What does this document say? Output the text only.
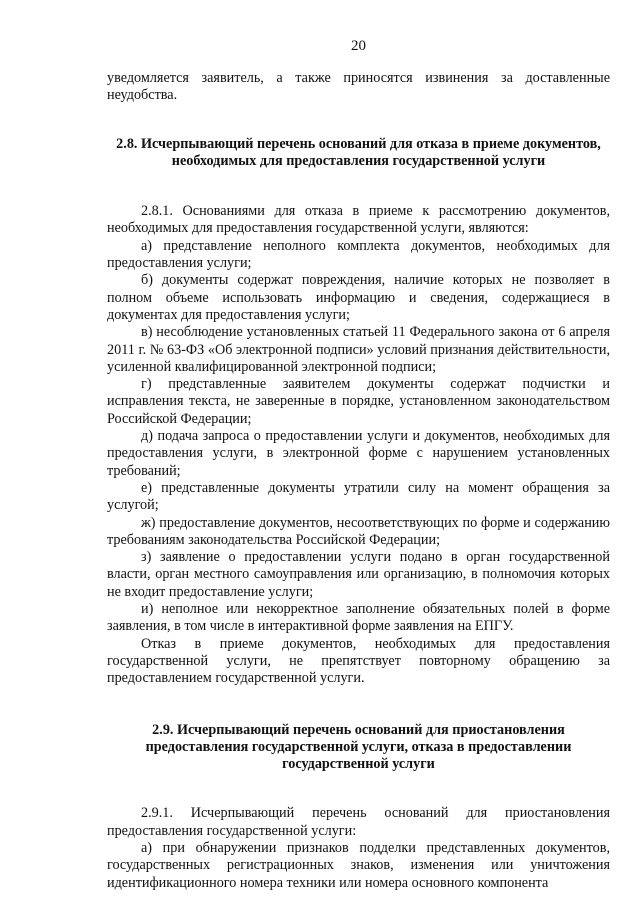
20

уведомляется заявитель, а также приносятся извинения за доставленные неудобства.

2.8. Исчерпывающий перечень оснований для отказа в приеме документов, необходимых для предоставления государственной услуги

2.8.1. Основаниями для отказа в приеме к рассмотрению документов, необходимых для предоставления государственной услуги, являются:

а) представление неполного комплекта документов, необходимых для предоставления услуги;

б) документы содержат повреждения, наличие которых не позволяет в полном объеме использовать информацию и сведения, содержащиеся в документах для предоставления услуги;

в) несоблюдение установленных статьей 11 Федерального закона от 6 апреля 2011 г. № 63-ФЗ «Об электронной подписи» условий признания действительности, усиленной квалифицированной электронной подписи;

г) представленные заявителем документы содержат подчистки и исправления текста, не заверенные в порядке, установленном законодательством Российской Федерации;

д) подача запроса о предоставлении услуги и документов, необходимых для предоставления услуги, в электронной форме с нарушением установленных требований;

е) представленные документы утратили силу на момент обращения за услугой;

ж) предоставление документов, несоответствующих по форме и содержанию требованиям законодательства Российской Федерации;

з) заявление о предоставлении услуги подано в орган государственной власти, орган местного самоуправления или организацию, в полномочия которых не входит предоставление услуги;

и) неполное или некорректное заполнение обязательных полей в форме заявления, в том числе в интерактивной форме заявления на ЕПГУ.

Отказ в приеме документов, необходимых для предоставления государственной услуги, не препятствует повторному обращению за предоставлением государственной услуги.

2.9. Исчерпывающий перечень оснований для приостановления предоставления государственной услуги, отказа в предоставлении государственной услуги

2.9.1. Исчерпывающий перечень оснований для приостановления предоставления государственной услуги:

а) при обнаружении признаков подделки представленных документов, государственных регистрационных знаков, изменения или уничтожения идентификационного номера техники или номера основного компонента
